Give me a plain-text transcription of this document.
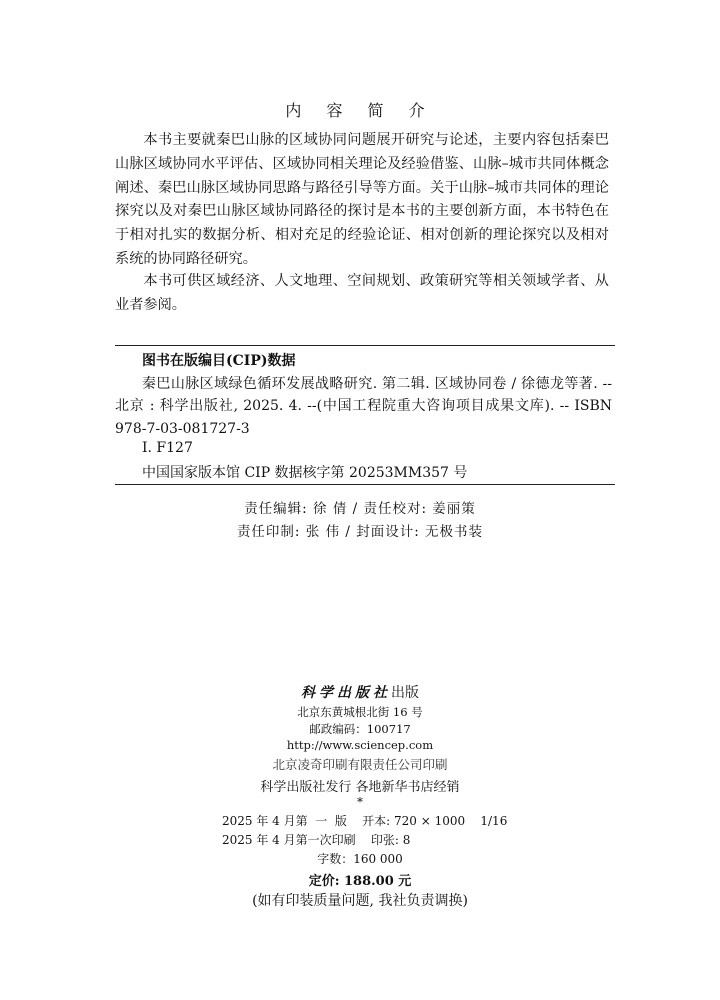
内 容 简 介
本书主要就秦巴山脉的区域协同问题展开研究与论述，主要内容包括秦巴山脉区域协同水平评估、区域协同相关理论及经验借鉴、山脉–城市共同体概念阐述、秦巴山脉区域协同思路与路径引导等方面。关于山脉–城市共同体的理论探究以及对秦巴山脉区域协同路径的探讨是本书的主要创新方面，本书特色在于相对扎实的数据分析、相对充足的经验论证、相对创新的理论探究以及相对系统的协同路径研究。
本书可供区域经济、人文地理、空间规划、政策研究等相关领域学者、从业者参阅。
图书在版编目(CIP)数据
秦巴山脉区域绿色循环发展战略研究. 第二辑. 区域协同卷 / 徐德龙等著. -- 北京 : 科学出版社, 2025. 4. --(中国工程院重大咨询项目成果文库). -- ISBN 978-7-03-081727-3
I. F127
中国国家版本馆 CIP 数据核字第 20253MM357 号
责任编辑: 徐 倩 / 责任校对: 姜丽策
责任印制: 张 伟 / 封面设计: 无极书装
科学出版社出版
北京东黄城根北街 16 号
邮政编码：100717
http://www.sciencep.com
北京凌奇印刷有限责任公司印刷
科学出版社发行 各地新华书店经销
*
2025 年 4 月第  一  版    开本: 720 × 1000    1/16
2025 年 4 月第一次印刷    印张: 8
字数：160 000
定价: 188.00 元
(如有印装质量问题, 我社负责调换)
